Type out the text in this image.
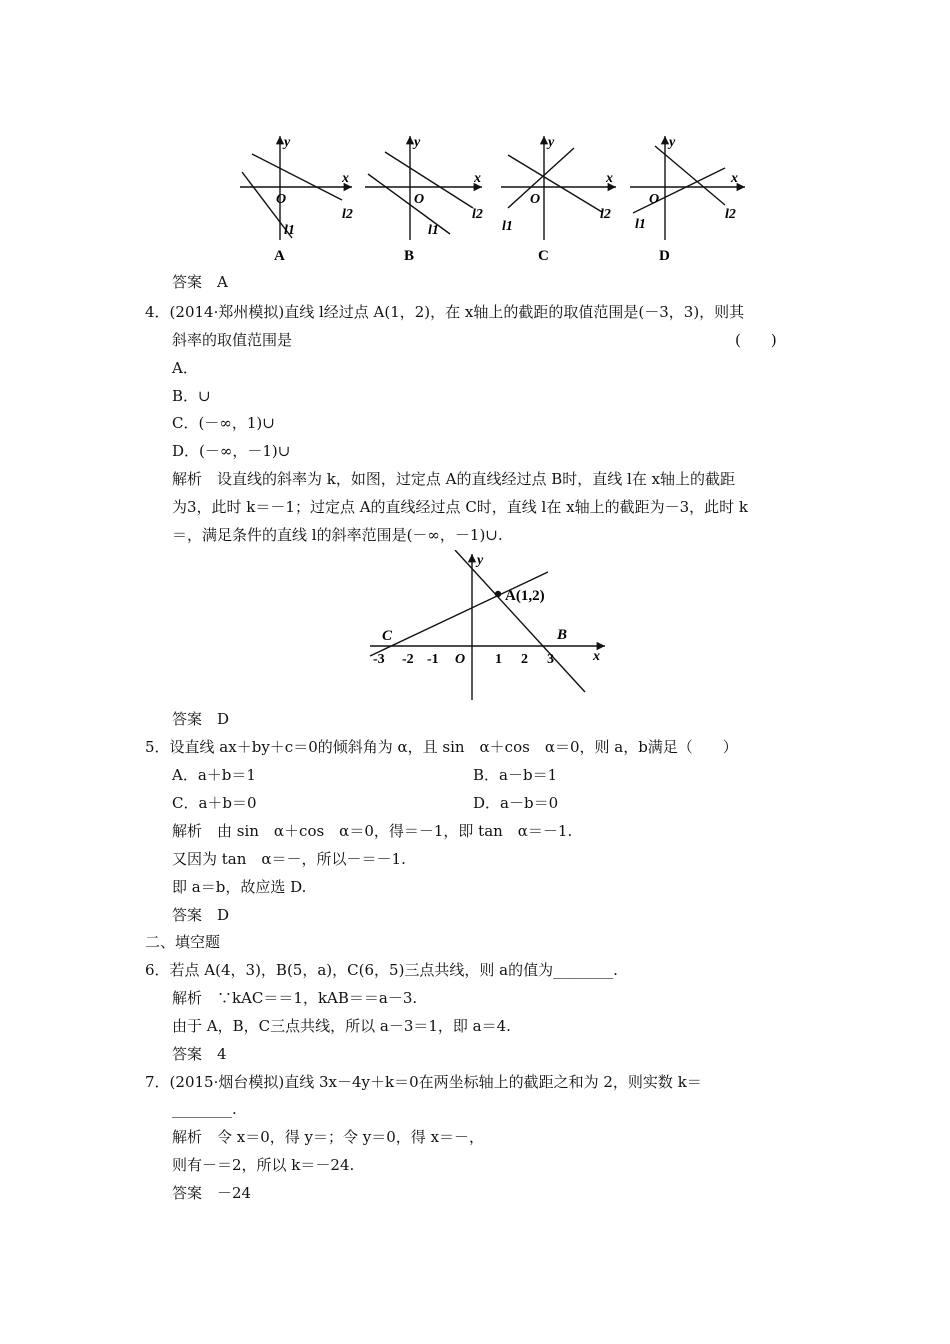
y
x
O
l1
l2
A
y
x
O
l1
l2
B
y
x
O
l1
l2
C
y
x
O
l1
l2
D
答案　A
4．(2014·郑州模拟)直线 l经过点 A(1，2)，在 x轴上的截距的取值范围是(－3，3)，则其
斜率的取值范围是	(　　)
A．
B．∪
C．(－∞，1)∪
D．(－∞，－1)∪
解析　设直线的斜率为 k，如图，过定点 A的直线经过点 B时，直线 l在 x轴上的截距
为3，此时 k＝－1；过定点 A的直线经过点 C时，直线 l在 x轴上的截距为－3，此时 k
＝，满足条件的直线 l的斜率范围是(－∞，－1)∪.
A(1,2)
B
C
y
x
O
-3 -2 -1	1 2 3
答案　D
5．设直线 ax＋by＋c＝0的倾斜角为 α，且 sin　α＋cos　α＝0，则 a，b满足（　　）
A．a＋b＝1	B．a－b＝1
C．a＋b＝0	D．a－b＝0
解析　由 sin　α＋cos　α＝0，得＝－1，即 tan　α＝－1.
又因为 tan　α＝－，所以－＝－1.
即 a＝b，故应选 D.
答案　D
二、填空题
6．若点 A(4，3)，B(5，a)，C(6，5)三点共线，则 a的值为________.
解析　∵kAC＝＝1，kAB＝＝a－3.
由于 A，B，C三点共线，所以 a－3＝1，即 a＝4.
答案　4
7．(2015·烟台模拟)直线 3x－4y＋k＝0在两坐标轴上的截距之和为 2，则实数 k＝
________.
解析　令 x＝0，得 y＝；令 y＝0，得 x＝－，
则有－＝2，所以 k＝－24.
答案　－24
